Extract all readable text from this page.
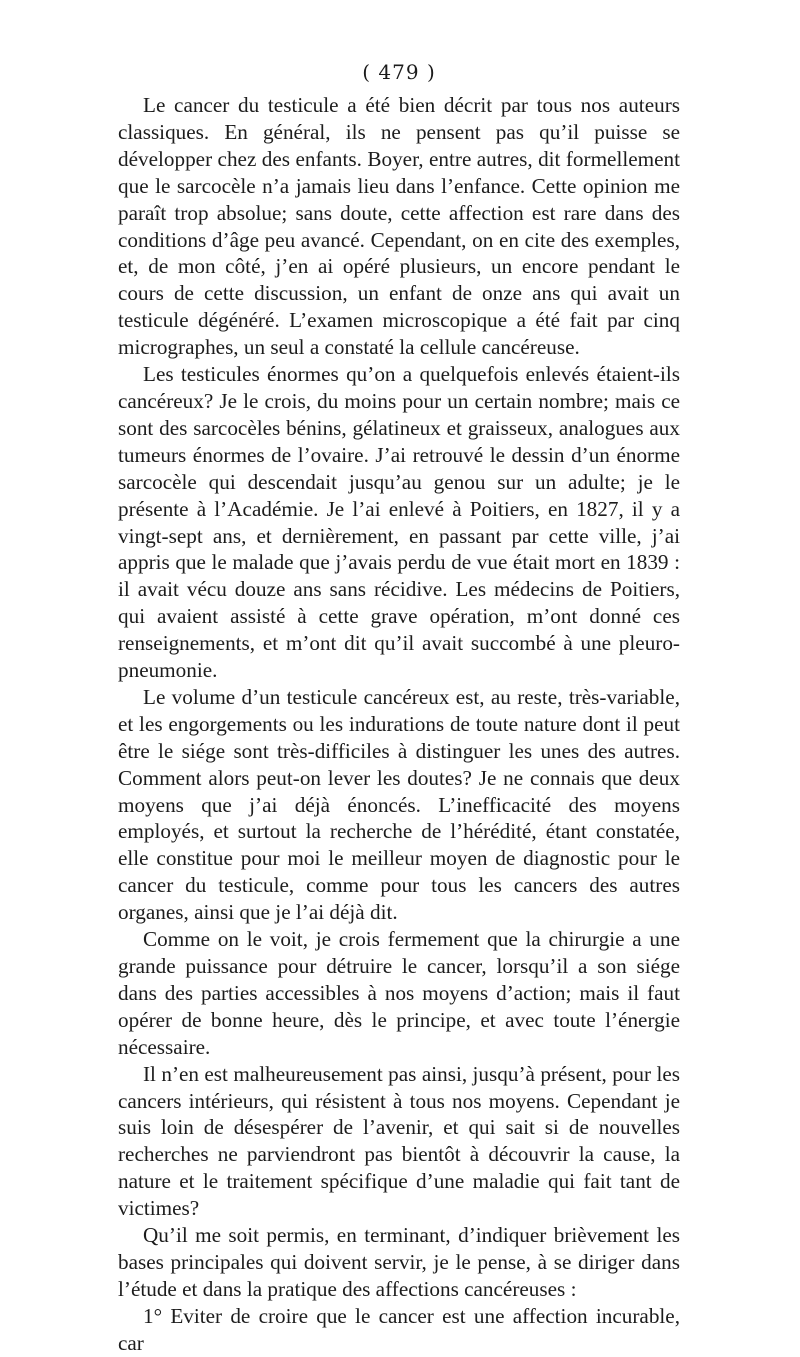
( 479 )

Le cancer du testicule a été bien décrit par tous nos auteurs classiques. En général, ils ne pensent pas qu’il puisse se développer chez des enfants. Boyer, entre autres, dit formellement que le sarcocèle n’a jamais lieu dans l’enfance. Cette opinion me paraît trop absolue; sans doute, cette affection est rare dans des conditions d’âge peu avancé. Cependant, on en cite des exemples, et, de mon côté, j’en ai opéré plusieurs, un encore pendant le cours de cette discussion, un enfant de onze ans qui avait un testicule dégénéré. L’examen microscopique a été fait par cinq micrographes, un seul a constaté la cellule cancéreuse.

Les testicules énormes qu’on a quelquefois enlevés étaient-ils cancéreux? Je le crois, du moins pour un certain nombre; mais ce sont des sarcocèles bénins, gélatineux et graisseux, analogues aux tumeurs énormes de l’ovaire. J’ai retrouvé le dessin d’un énorme sarcocèle qui descendait jusqu’au genou sur un adulte; je le présente à l’Académie. Je l’ai enlevé à Poitiers, en 1827, il y a vingt-sept ans, et dernièrement, en passant par cette ville, j’ai appris que le malade que j’avais perdu de vue était mort en 1839 : il avait vécu douze ans sans récidive. Les médecins de Poitiers, qui avaient assisté à cette grave opération, m’ont donné ces renseignements, et m’ont dit qu’il avait succombé à une pleuro-pneumonie.

Le volume d’un testicule cancéreux est, au reste, très-variable, et les engorgements ou les indurations de toute nature dont il peut être le siége sont très-difficiles à distinguer les unes des autres. Comment alors peut-on lever les doutes? Je ne connais que deux moyens que j’ai déjà énoncés. L’inefficacité des moyens employés, et surtout la recherche de l’hérédité, étant constatée, elle constitue pour moi le meilleur moyen de diagnostic pour le cancer du testicule, comme pour tous les cancers des autres organes, ainsi que je l’ai déjà dit.

Comme on le voit, je crois fermement que la chirurgie a une grande puissance pour détruire le cancer, lorsqu’il a son siége dans des parties accessibles à nos moyens d’action; mais il faut opérer de bonne heure, dès le principe, et avec toute l’énergie nécessaire.

Il n’en est malheureusement pas ainsi, jusqu’à présent, pour les cancers intérieurs, qui résistent à tous nos moyens. Cependant je suis loin de désespérer de l’avenir, et qui sait si de nouvelles recherches ne parviendront pas bientôt à découvrir la cause, la nature et le traitement spécifique d’une maladie qui fait tant de victimes?

Qu’il me soit permis, en terminant, d’indiquer brièvement les bases principales qui doivent servir, je le pense, à se diriger dans l’étude et dans la pratique des affections cancéreuses :

1° Eviter de croire que le cancer est une affection incurable, car
